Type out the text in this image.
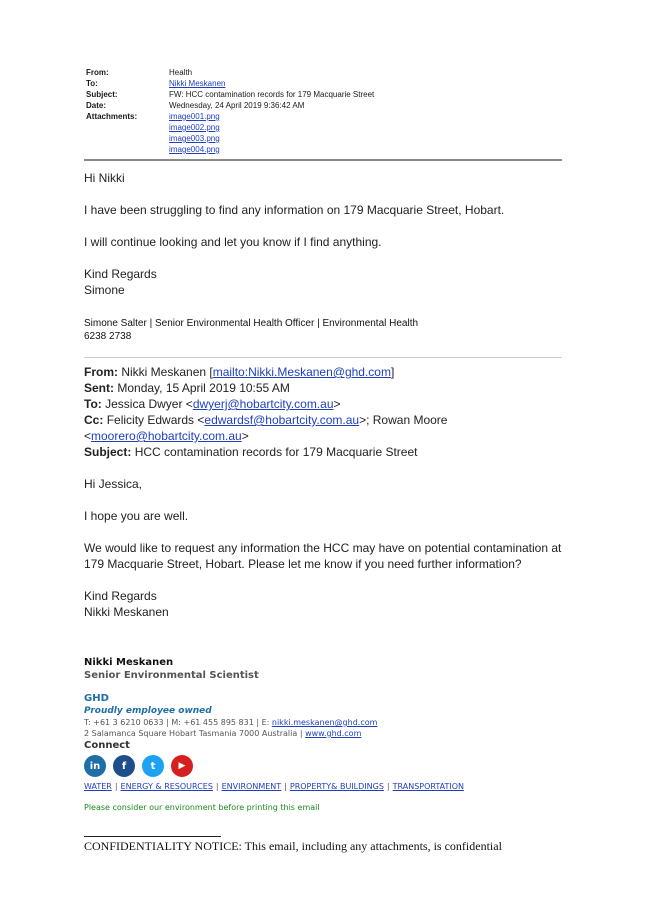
From:	Health
To:	Nikki Meskanen
Subject:	FW: HCC contamination records for 179 Macquarie Street
Date:	Wednesday, 24 April 2019 9:36:42 AM
Attachments:	image001.png
image002.png
image003.png
image004.png

Hi Nikki

I have been struggling to find any information on 179 Macquarie Street, Hobart.

I will continue looking and let you know if I find anything.

Kind Regards
Simone
Simone Salter | Senior Environmental Health Officer | Environmental Health
6238 2738
From: Nikki Meskanen [mailto:Nikki.Meskanen@ghd.com]
Sent: Monday, 15 April 2019 10:55 AM
To: Jessica Dwyer <dwyerj@hobartcity.com.au>
Cc: Felicity Edwards <edwardsf@hobartcity.com.au>; Rowan Moore
<moorero@hobartcity.com.au>

Subject: HCC contamination records for 179 Macquarie Street

Hi Jessica,

I hope you are well.

We would like to request any information the HCC may have on potential contamination at 179 Macquarie Street, Hobart. Please let me know if you need further information?

Kind Regards
Nikki Meskanen
Nikki Meskanen
Senior Environmental Scientist
GHD
Proudly employee owned
T: +61 3 6210 0633 | M: +61 455 895 831 | E: nikki.meskanen@ghd.com
2 Salamanca Square Hobart Tasmania 7000 Australia | www.ghd.com
Connect
in	f	t	▶
WATER | ENERGY & RESOURCES | ENVIRONMENT | PROPERTY& BUILDINGS | TRANSPORTATION
Please consider our environment before printing this email
CONFIDENTIALITY NOTICE: This email, including any attachments, is confidential
